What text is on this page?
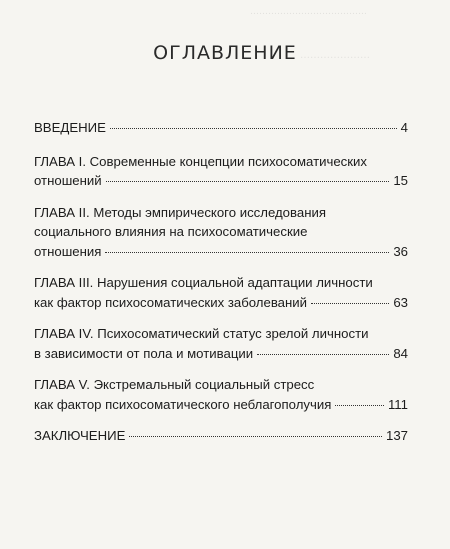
…………………………………
…………………
ОГЛАВЛЕНИЕ
ВВЕДЕНИЕ	4
ГЛАВА I. Современные концепции психосоматических
отношений	15
ГЛАВА II. Методы эмпирического исследования
социального влияния на психосоматические
отношения	36
ГЛАВА III. Нарушения социальной адаптации личности
как фактор психосоматических заболеваний	63
ГЛАВА IV. Психосоматический статус зрелой личности
в зависимости от пола и мотивации	84
ГЛАВА V. Экстремальный социальный стресс
как фактор психосоматического неблагополучия	111
ЗАКЛЮЧЕНИЕ	137
